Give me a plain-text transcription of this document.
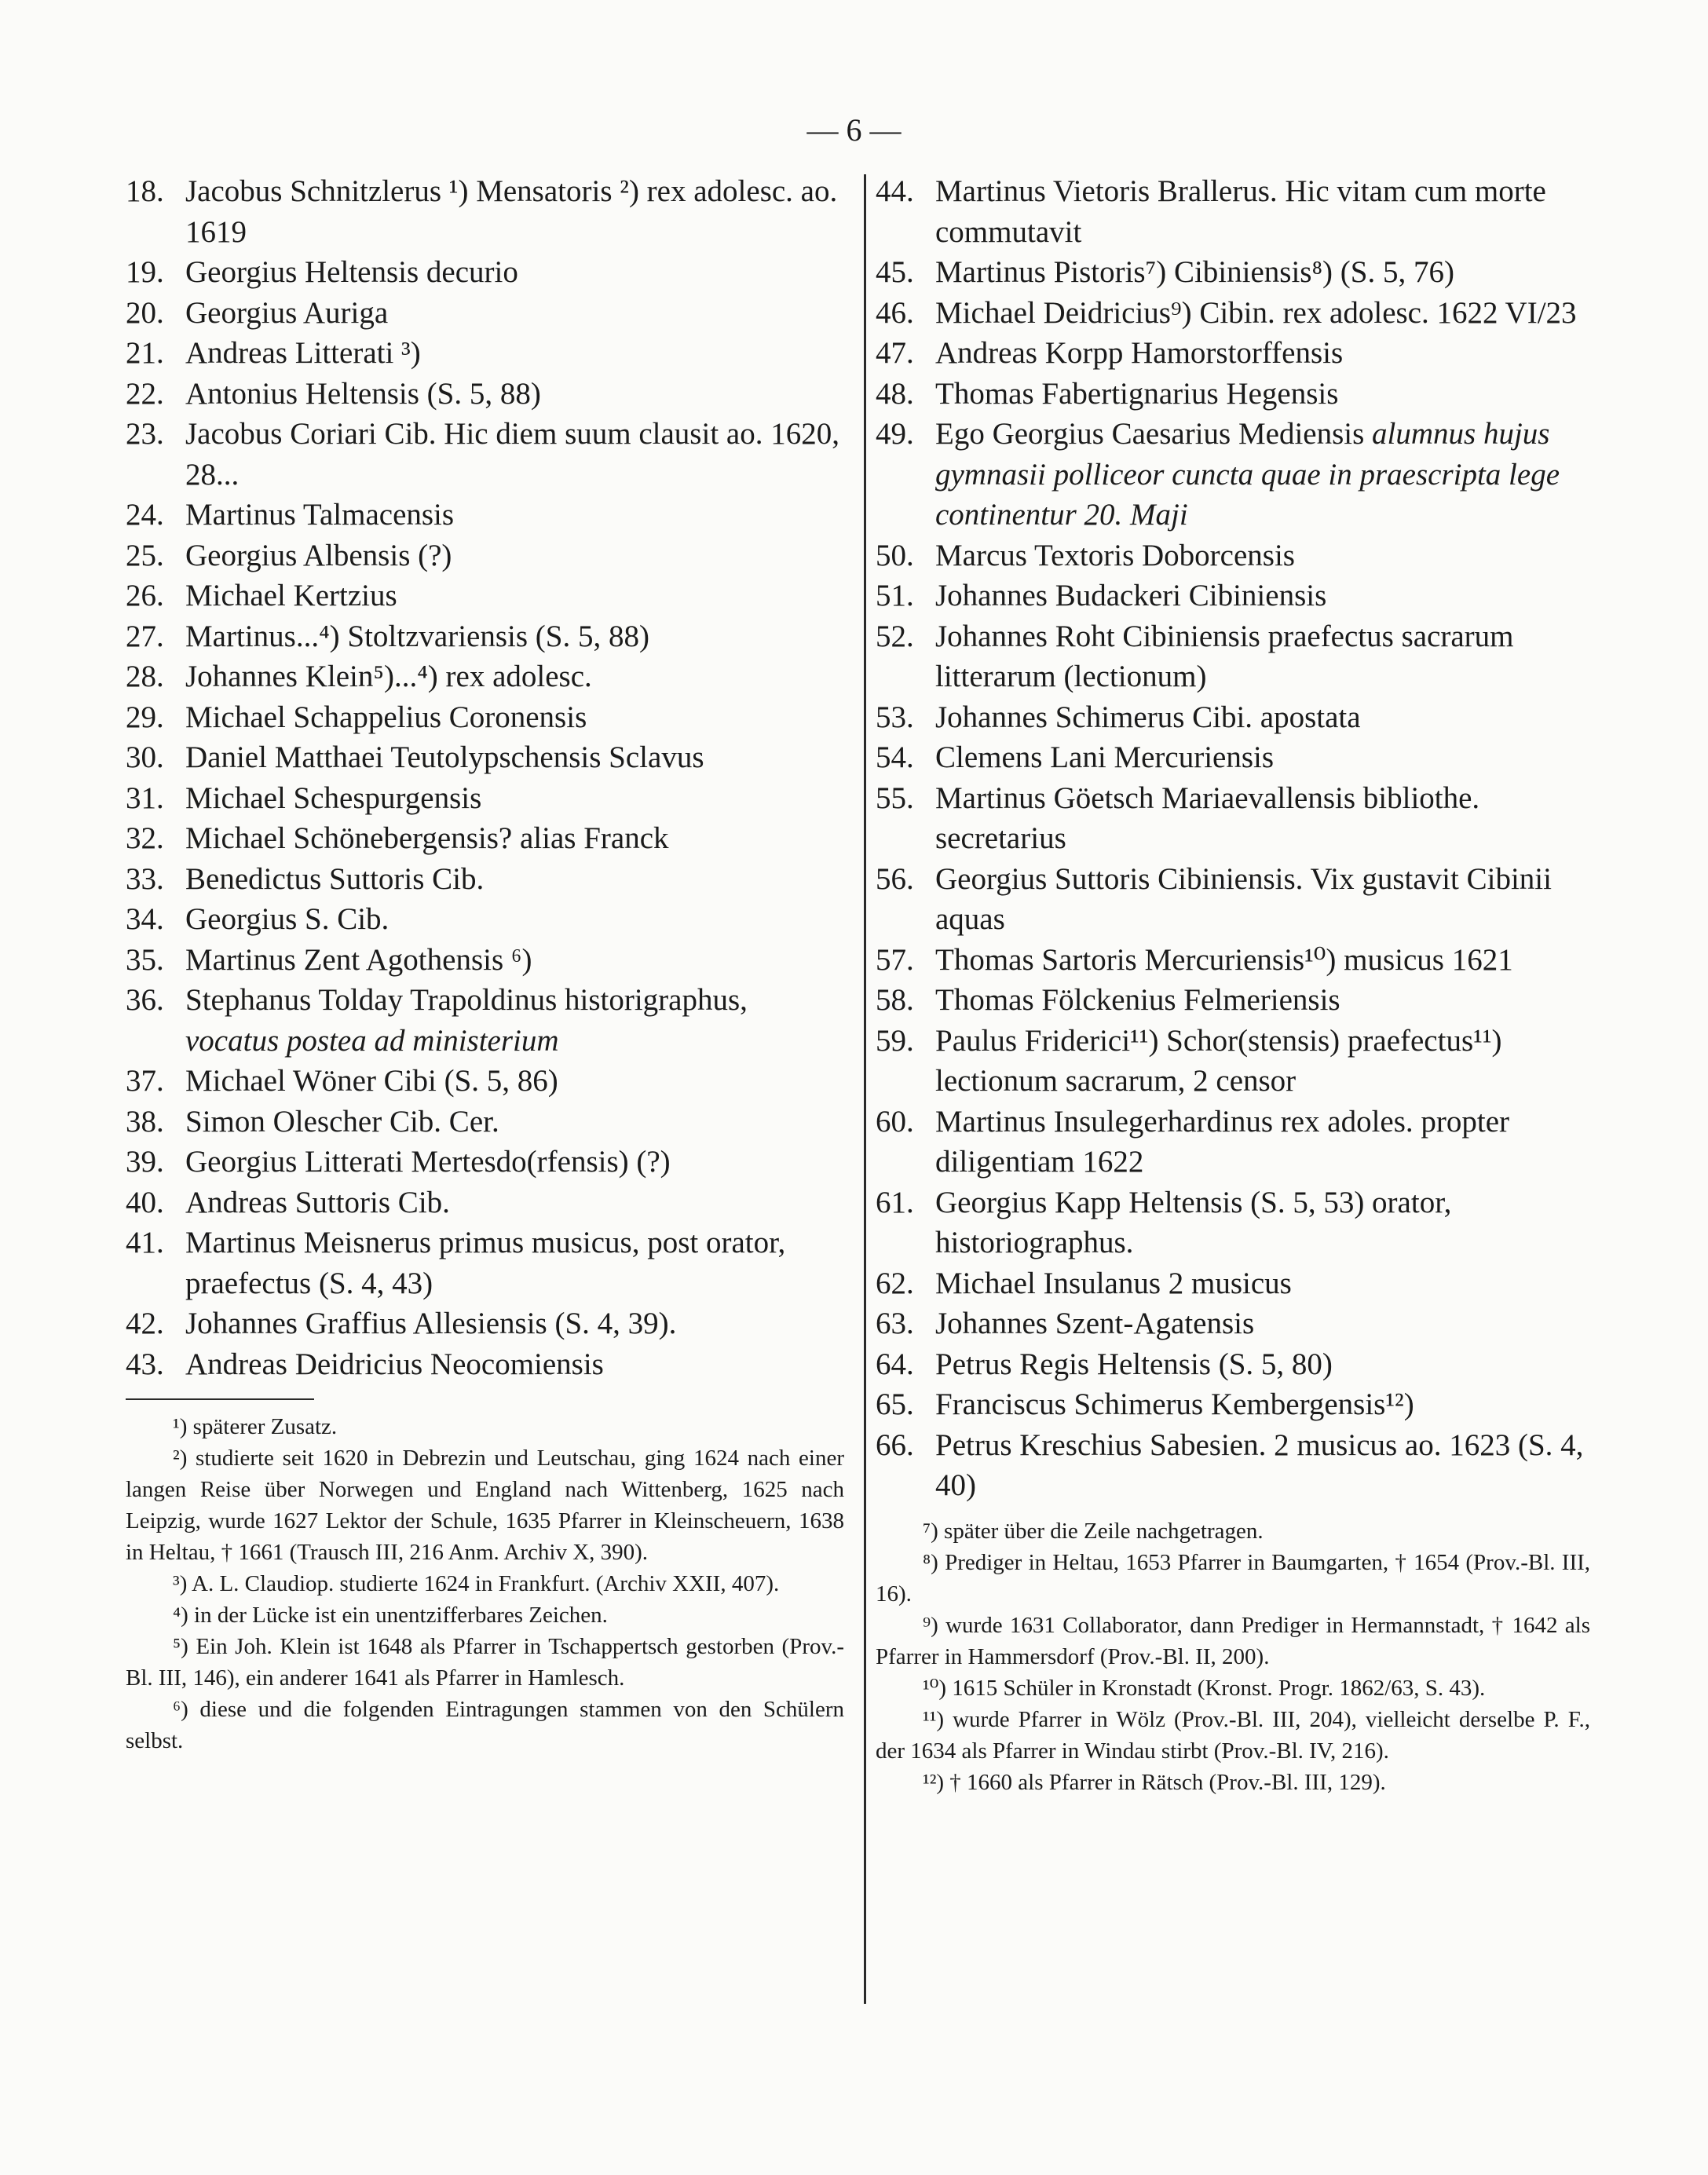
— 6 —
18. Jacobus Schnitzlerus ¹) Mensatoris ²) rex adolesc. ao. 1619
19. Georgius Heltensis decurio
20. Georgius Auriga
21. Andreas Litterati ³)
22. Antonius Heltensis (S. 5, 88)
23. Jacobus Coriari Cib. Hic diem suum clausit ao. 1620, 28...
24. Martinus Talmacensis
25. Georgius Albensis (?)
26. Michael Kertzius
27. Martinus...⁴) Stoltzvariensis (S. 5, 88)
28. Johannes Klein⁵)...⁴) rex adolesc.
29. Michael Schappelius Coronensis
30. Daniel Matthaei Teutolypschensis Sclavus
31. Michael Schespurgensis
32. Michael Schönebergensis? alias Franck
33. Benedictus Suttoris Cib.
34. Georgius S. Cib.
35. Martinus Zent Agothensis ⁶)
36. Stephanus Tolday Trapoldinus historigraphus, vocatus postea ad ministerium
37. Michael Wöner Cibi (S. 5, 86)
38. Simon Olescher Cib. Cer.
39. Georgius Litterati Mertesdo(rfensis) (?)
40. Andreas Suttoris Cib.
41. Martinus Meisnerus primus musicus, post orator, praefectus (S. 4, 43)
42. Johannes Graffius Allesiensis (S. 4, 39).
43. Andreas Deidricius Neocomiensis

¹) späterer Zusatz.

²) studierte seit 1620 in Debrezin und Leutschau, ging 1624 nach einer langen Reise über Norwegen und England nach Wittenberg, 1625 nach Leipzig, wurde 1627 Lektor der Schule, 1635 Pfarrer in Kleinscheuern, 1638 in Heltau, † 1661 (Trausch III, 216 Anm. Archiv X, 390).

³) A. L. Claudiop. studierte 1624 in Frankfurt. (Archiv XXII, 407).

⁴) in der Lücke ist ein unentzifferbares Zeichen.

⁵) Ein Joh. Klein ist 1648 als Pfarrer in Tschappertsch gestorben (Prov.-Bl. III, 146), ein anderer 1641 als Pfarrer in Hamlesch.

⁶) diese und die folgenden Eintragungen stammen von den Schülern selbst.

44. Martinus Vietoris Brallerus. Hic vitam cum morte commutavit
45. Martinus Pistoris⁷) Cibiniensis⁸) (S. 5, 76)
46. Michael Deidricius⁹) Cibin. rex adolesc. 1622 VI/23
47. Andreas Korpp Hamorstorffensis
48. Thomas Fabertignarius Hegensis
49. Ego Georgius Caesarius Mediensis alumnus hujus gymnasii polliceor cuncta quae in praescripta lege continentur 20. Maji
50. Marcus Textoris Doborcensis
51. Johannes Budackeri Cibiniensis
52. Johannes Roht Cibiniensis praefectus sacrarum litterarum (lectionum)
53. Johannes Schimerus Cibi. apostata
54. Clemens Lani Mercuriensis
55. Martinus Göetsch Mariaevallensis bibliothe. secretarius
56. Georgius Suttoris Cibiniensis. Vix gustavit Cibinii aquas
57. Thomas Sartoris Mercuriensis¹⁰) musicus 1621
58. Thomas Fölckenius Felmeriensis
59. Paulus Friderici¹¹) Schor(stensis) praefectus¹¹) lectionum sacrarum, 2 censor
60. Martinus Insulegerhardinus rex adoles. propter diligentiam 1622
61. Georgius Kapp Heltensis (S. 5, 53) orator, historiographus.
62. Michael Insulanus 2 musicus
63. Johannes Szent-Agatensis
64. Petrus Regis Heltensis (S. 5, 80)
65. Franciscus Schimerus Kembergensis¹²)
66. Petrus Kreschius Sabesien. 2 musicus ao. 1623 (S. 4, 40)

⁷) später über die Zeile nachgetragen.

⁸) Prediger in Heltau, 1653 Pfarrer in Baumgarten, † 1654 (Prov.-Bl. III, 16).

⁹) wurde 1631 Collaborator, dann Prediger in Hermannstadt, † 1642 als Pfarrer in Hammersdorf (Prov.-Bl. II, 200).

¹⁰) 1615 Schüler in Kronstadt (Kronst. Progr. 1862/63, S. 43).

¹¹) wurde Pfarrer in Wölz (Prov.-Bl. III, 204), vielleicht derselbe P. F., der 1634 als Pfarrer in Windau stirbt (Prov.-Bl. IV, 216).

¹²) † 1660 als Pfarrer in Rätsch (Prov.-Bl. III, 129).
